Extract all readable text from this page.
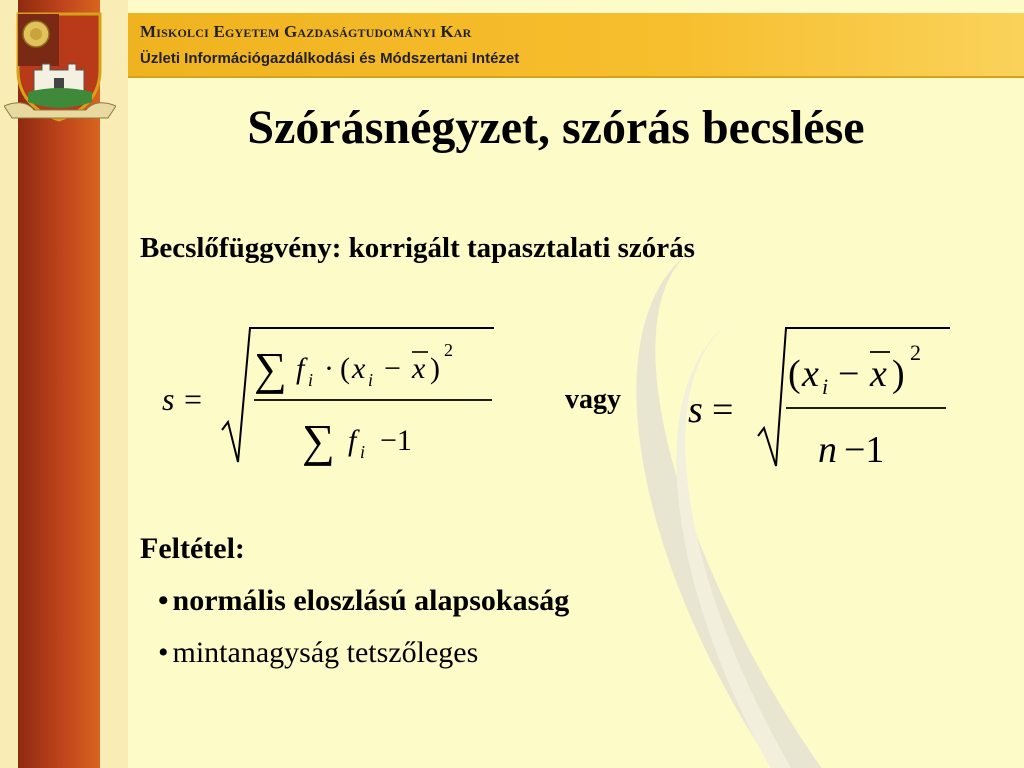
Miskolci Egyetem Gazdaságtudományi Kar
Üzleti Információgazdálkodási és Módszertani Intézet
Szórásnégyzet, szórás becslése
Becslőfüggvény: korrigált tapasztalati szórás
s =
∑ f i · ( x i − x )
2
∑ f i −1
vagy s =
( x i − x )
2
n −1
Feltétel:
• normális eloszlású alapsokaság
• mintanagyság tetszőleges
